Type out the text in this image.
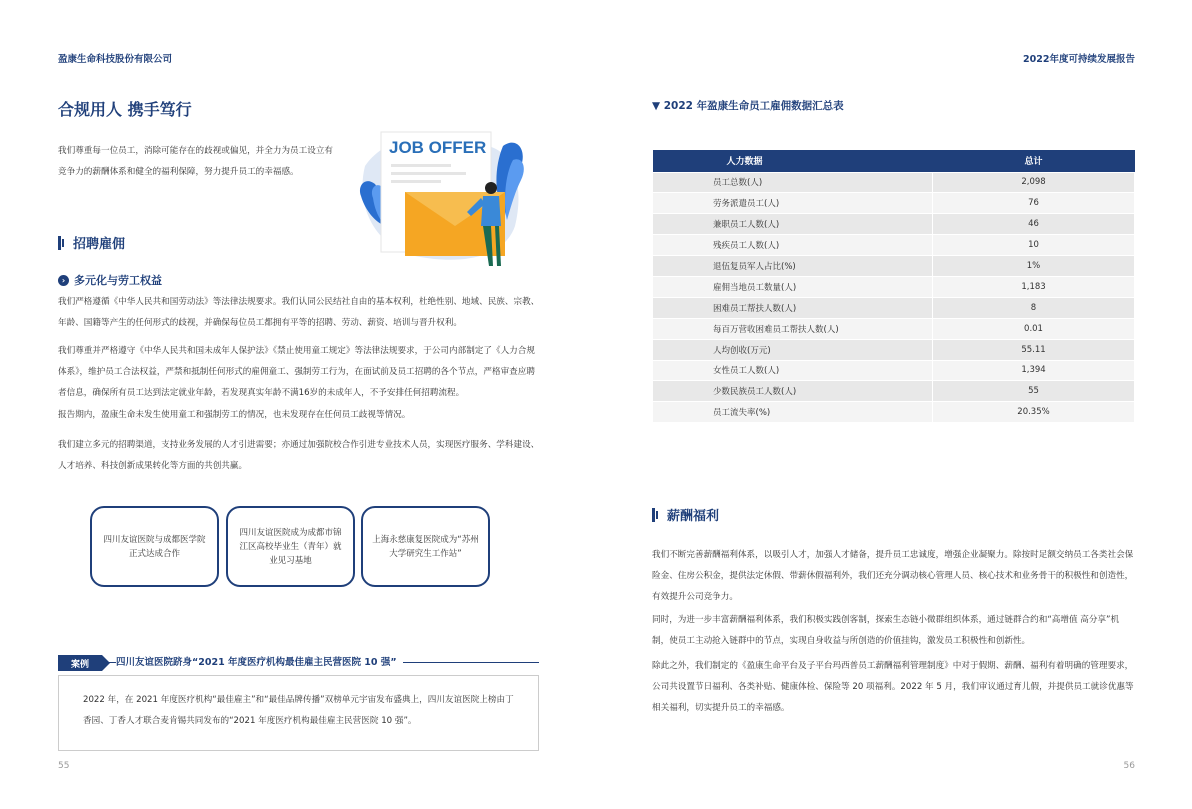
盈康生命科技股份有限公司	2022年度可持续发展报告
合规用人 携手笃行
我们尊重每一位员工，消除可能存在的歧视或偏见，并全力为员工设立有竞争力的薪酬体系和健全的福利保障，努力提升员工的幸福感。
JOB OFFER
招聘雇佣
› 多元化与劳工权益
我们严格遵循《中华人民共和国劳动法》等法律法规要求。我们认同公民结社自由的基本权利，杜绝性别、地域、民族、宗教、年龄、国籍等产生的任何形式的歧视，并确保每位员工都拥有平等的招聘、劳动、薪资、培训与晋升权利。
我们尊重并严格遵守《中华人民共和国未成年人保护法》《禁止使用童工规定》等法律法规要求，于公司内部制定了《人力合规体系》，维护员工合法权益，严禁和抵制任何形式的雇佣童工、强制劳工行为，在面试前及员工招聘的各个节点，严格审查应聘者信息，确保所有员工达到法定就业年龄，若发现真实年龄不满16岁的未成年人，不予安排任何招聘流程。
报告期内，盈康生命未发生使用童工和强制劳工的情况，也未发现存在任何员工歧视等情况。
我们建立多元的招聘渠道，支持业务发展的人才引进需要；亦通过加强院校合作引进专业技术人员，实现医疗服务、学科建设、人才培养、科技创新成果转化等方面的共创共赢。
四川友谊医院与成都医学院正式达成合作
四川友谊医院成为成都市锦江区高校毕业生（青年）就业见习基地
上海永慈康复医院成为“苏州大学研究生工作站”
案例	四川友谊医院跻身“2021 年度医疗机构最佳雇主民营医院 10 强”
2022 年，在 2021 年度医疗机构“最佳雇主”和“最佳品牌传播”双榜单元宇宙发布盛典上，四川友谊医院上榜由丁香园、丁香人才联合麦肯锡共同发布的“2021 年度医疗机构最佳雇主民营医院 10 强”。
55
▼ 2022 年盈康生命员工雇佣数据汇总表
人力数据	总计
员工总数(人)	2,098
劳务派遣员工(人)	76
兼职员工人数(人)	46
残疾员工人数(人)	10
退伍复员军人占比(%)	1%
雇佣当地员工数量(人)	1,183
困难员工帮扶人数(人)	8
每百万营收困难员工帮扶人数(人)	0.01
人均创收(万元)	55.11
女性员工人数(人)	1,394
少数民族员工人数(人)	55
员工流失率(%)	20.35%
薪酬福利
我们不断完善薪酬福利体系，以吸引人才，加强人才储备，提升员工忠诚度，增强企业凝聚力。除按时足额交纳员工各类社会保险金、住房公积金，提供法定休假、带薪休假福利外，我们还充分调动核心管理人员、核心技术和业务骨干的积极性和创造性，有效提升公司竞争力。
同时，为进一步丰富薪酬福利体系，我们积极实践创客制，探索生态链小微群组织体系，通过链群合约和“高增值 高分享”机制，使员工主动抢入链群中的节点，实现自身收益与所创造的价值挂钩，激发员工积极性和创新性。
除此之外，我们制定的《盈康生命平台及子平台玛西普员工薪酬福利管理制度》中对于假期、薪酬、福利有着明确的管理要求，公司共设置节日福利、各类补贴、健康体检、保险等 20 项福利。2022 年 5 月，我们审议通过育儿假，并提供员工就诊优惠等相关福利，切实提升员工的幸福感。
56
